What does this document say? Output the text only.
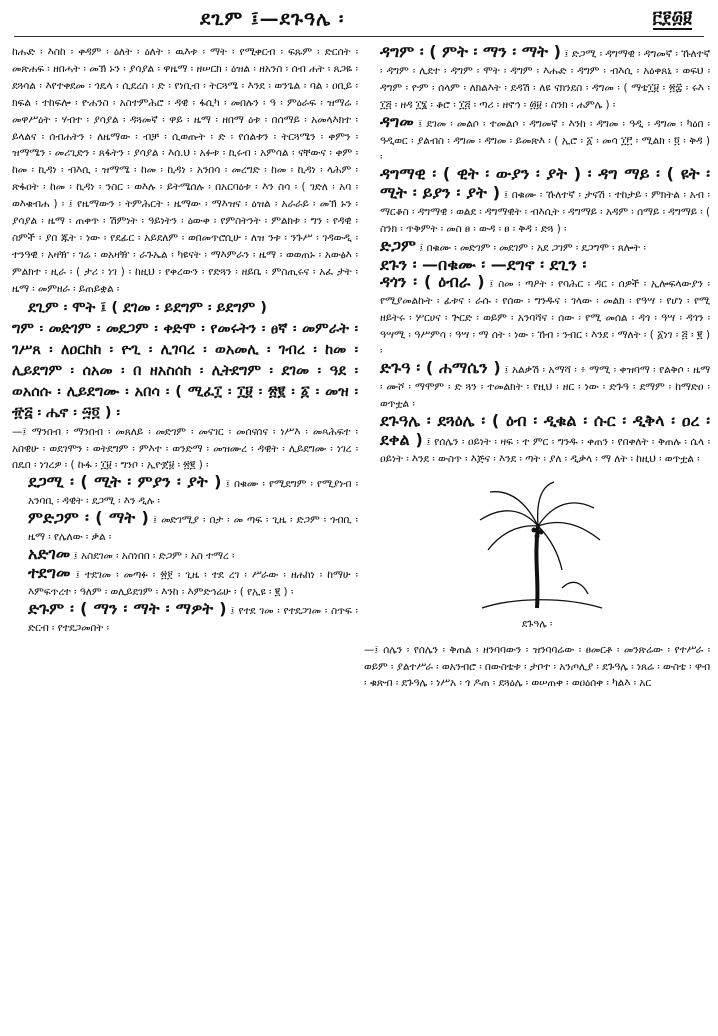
ደጊም ፤—ደጉዓሌ ፡	፫፻፴፱

ከሑድ ፡ እስከ ፡ ቀዳም ፡ ዕለት ፡ ዕለት ፡ ዉእቱ ፡ ማት ፡ የሚቀርብ ፡ ፍጹም ፡ ድርሰት ፡ መጽሐፍ ፡ ዘበሓት ፡ መኽ ኑን ፡ ያሳያል ፡ ዋዜማ ፡ ዘሠርክ ፡ ዕዝል ፡ ዘአንስ ፡ ሰብ ሐት ፡ ጸጋዬ ፡ ደጓሳል ፡ እየተቀደመ ፡ ጎዴላ ፡ ሲደረስ ፡ ድ ፡ የነቢብ ፡ ትርጓሜ ፡ እንደ ፡ ወንጌል ፡ ባል ፡ ዐቢይ ፡ ክፍል ፡ ተከፍሎ ፡ ዮሐንስ ፡ አስተምሕሮ ፡ ዳዊ ፡ ፋሲካ ፡ መበሉን ፡ ዓ ፡ ምዕራፍ ፡ ዝማሬ ፡ መዋሥዕት ፡ ሃብተ ፡ ያሳያል ፡ ዳጓመኛ ፡ ዋይ ፡ ዜማ ፡ ዘበማ ዕቱ ፡ በሰማይ ፡ አመላእክተ ፡ ይላልና ፡ ሰብሐትን ፡ ለዜማው ፡ ብቻ ፡ ሲወጡት ፡ ድ ፡ የሰልቱን ፡ ትርጓሜን ፡ ቀምን ፡ ዝማሜን ፡ መሪጊድን ፡ ጸፋትን ፡ ያሳያል ፡ እሰ.ህ ፡ አፉቱ ፡ ኪሩብ ፡ አምሳል ፡ ናቸውና ፡ ቀም ፡ ከመ ፡ ኪዳነ ፡ ብእሲ ፡ ዝማሜ ፡ ከመ ፡ ኪዳነ ፡ አንበሳ ፡ መረግድ ፡ ከመ ፡ ኪዳነ ፡ ላሕም ፡ ጽፋዐት ፡ ከመ ፡ ኪዳነ ፡ ንስር ፡ ወእሉ ፡ ይትሜሰሉ ፡ በአርባዕቱ ፡ እን ስሳ ፡ ( ገድለ ፡ አባ ፡ ወእቁብሐ ) ፡ ፤ የዜማውን ፡ ትምሕርት ፡ ዜማው ፡ ማእዝና ፡ ዕዝል ፡ አራራይ ፡ መኽ ኑን ፡ ያሳያል ፡ ዜማ ፡ ጠቀጥ ፡ ሽምነት ፡ ዓይነትን ፡ ዕውቀ ፡ የምስትንት ፡ ምልክቱ ፡ ግን ፡ የዳዊ ፡ ስምች ፡ ያበ ጁት ፡ ነው ፡ የደፊር ፡ አይደለም ፡ ወበመጥሮሲሁ ፡ ለዝ ንቱ ፡ ንጉሥ ፡ ገዳውዲ ፡ ተንዓዊ ፡ አዛዥ ፡ ገሬ ፡ ወአዛዥ ፡ ራጉኤል ፡ ካዩናት ፡ ማእምራን ፡ ዜማ ፡ ወወጠኑ ፡ አውፅእ ፡ ምልክተ ፡ ዚራ ፡ ( ታሪ ፡ ነገ ) ፡ ከዚህ ፡ የቀረውን ፡ የድጓን ፡ ዘይቤ ፡ ምስጢሩና ፡ አፈ ታት ፡ ዜማ ፡ መምዘራ ፡ ይጠይቋል ፡

ደጊም ፡ ሞት ፤ ( ደገመ ፡ ይደግም ፡ ይደግም )

ግም ፡ መድገም ፡ መደጋም ፡ ቀድሞ ፡ የመሩትን ፡ ፀኛ ፡ መምራት ፡ ገሥጸ ፡ ለዐርከከ ፡ ዮጊ ፡ ሊገባረ ፡ ወአመሊ ፡ ገብረ ፡ ከመ ፡ ሊይደግም ፡ ሰአመ ፡ በ ዘአስሰከ ፡ ሊትደግም ፡ ደገመ ፡ ዓደ ፡ ወአሰሱ ፡ ሊይደግሙ ፡ አበሳ ፡ ( ሚፈ፲ ፡ ፲፱ ፡ ፳፪ ፡ ፩ ፡ መዝ ፡ ፹፭ ፡ ሔኖ ፡ ፵፬ ) ፡

—፤ ማንበብ ፡ ማንበብ ፡ መጸለይ ፡ መድገም ፡ መናገር ፡ መሰናሰና ፡ ነሥእ ፡ መጻሕፍተ ፡ አበዊሁ ፡ ወደገሞን ፡ ወትደግም ፡ ምእተ ፡ ወንድማ ፡ መዝሙረ ፡ ዳዊት ፡ ሊይደግሙ ፡ ነገረ ፡ በዴበ ፡ ነገረዎ ፡ ( ኩፋ ፡ ፲፱ ፡ ግንቦ ፡ ኢዮጀ፱ ፡ ፳፪ ) ፡

ደጋሚ ፡ ( ሚት ፡ ምያን ፡ ያት ) ፤ በቁሙ ፡ የሚደግም ፡ የሚያነብ ፡ አንባቢ ፡ ዳዊት ፡ ደጋሚ ፡ እን ዲሉ ፡

ምድጋም ፡ ( ማት ) ፤ መድገሚያ ፡ በታ ፡ መ ጣፍ ፡ ጊዜ ፡ ድጋም ፡ ጎብቢ ፡ ዜማ ፡ የሌለው ፡ ቃል ፡

አድገመ ፤ አስደገመ ፡ አስነበበ ፡ ድጋም ፡ አስ ተማረ ፡

ተደግመ ፤ ተደገመ ፡ መጣፉ ፡ ፳፻ ፡ ጊዜ ፡ ተደ ረገ ፡ ሥራው ፡ ዘሐከነ ፡ ከማሁ ፡ እምፍጥረተ ፡ ዓለም ፡ ወሊይደገም ፡ እንከ ፡ እምድኅሬሁ ፡ ( የኢዩ ፡ ፪ ) ፡

ድጉም ፡ ( ማን ፡ ማት ፡ ማዎት ) ፤ የተደ ገመ ፡ የተደጋገመ ፡ ስጥፍ ፡ ድርብ ፡ የተደጋመበት ፡

ዳግም ፡ ( ምት ፡ ማን ፡ ማት ) ፤ ድጋሚ ፡ ዳግማዊ ፡ ዳግመኛ ፡ ኹለተኛ ፡ ዳግም ፡ ሊደተ ፡ ዳግም ፡ ሞት ፡ ዳግም ፡ እሑድ ፡ ዳግም ፡ ብእሲ ፡ አዕቀጸኒ ፡ ወፍህ ፡ ዳግም ፡ ዮም ፡ ሰላም ፡ ለክልእት ፡ ደዳሽ ፡ ለዩ ናክንደስ ፡ ዳግመ ፡ ( ማቴ፲፱ ፡ ፳፰ ፡ ሩእ ፡ ፲፭ ፡ ዘዳ ፲፮ ፡ ቆሮ ፡ ፲፭ ፡ ጣሪ ፡ ዘኖኅ ፡ ፴፱ ፡ ስንክ ፡ ሐምሌ ) ፡

ዳግመ ፤ ደገመ ፡ መልሶ ፡ ተመልሶ ፡ ዳግመኛ ፡ እንከ ፡ ዳግመ ፡ ዓዲ ፡ ዳግመ ፡ ካዕበ ፡ ዓዲወር ፡ ያልብስ ፡ ዳግመ ፡ ዳግመ ፡ ይመጽእ ፡ ( ኢሮ ፡ ፩ ፡ መሳ ፲፫ ፡ ሚልክ ፡ ፬ ፡ ቅዳ ) ፡

ዳግማዊ ፡ ( ዊት ፡ ውያን ፡ ያት ) ፡ ዳግ ማይ ፡ ( ዩት ፡ ሚት ፡ ይያን ፡ ያት ) ፤ በቁሙ ፡ ኹለተኛ ፡ ታናሽ ፡ ተከታይ ፡ ምክትል ፡ አብ ፡ ማርቆስ ፡ ዳግማዊ ፡ ወልደ ፡ ዳግማዊት ፡ ብእሲት ፡ ዳግማይ ፡ አዳም ፡ ሰማይ ፡ ዳግማይ ፡ ( ስንክ ፡ ጥቅምት ፡ መስ ፀ ፡ ውዳ ፡ ፀ ፡ ቅዳ ፡ ድጓ ) ፡

ድጋም ፤ በቁሙ ፡ መድገም ፡ መደገም ፡ አደ ጋገም ፡ ደጋግሞ ፡ ጸሎት ፡

ደጉን ፡ —በቁሙ ፡ —ደግኖ ፡ ደጊን ፡

ዳጎን ፡ ( ዕብራ ) ፤ ስመ ፡ ጣዖት ፡ የባሕር ፡ ዳር ፡ ሰዎች ፡ ኢሎፍላውያን ፡ የሚያመልኩት ፡ ፊቱና ፡ ራሱ ፡ የሰው ፡ ግንዱና ፡ ገላው ፡ መልክ ፡ የዓሣ ፡ የሆነ ፡ የሚ ዘይትሩ ፡ ሦርሀና ፡ ጕርድ ፡ ወይም ፡ አንባሻና ፡ ሰው ፡ የሚ መሰል ፡ ዳጎ ፡ ዓሣ ፡ ዳጎን ፡ ዓሣሚ ፡ ዓሥምሳ ፡ ዓሣ ፡ ማ ሰት ፡ ነው ፡ ኸብ ፡ ንብር ፡ እንደ ፡ ማለት ፡ ( ፩ነገ ፡ ፭ ፡ ፪ ) ፡

ድጉዓ ፡ ( ሐማሴን ) ፤ አልቃሽ ፡ አማሻ ፡ ፥ ማሚ ፡ ቀዝባማ ፡ የልቅሶ ፡ ዜማ ፡ ሙሾ ፡ ማሞም ፡ ድ ጓን ፡ ተመልክት ፡ የዚህ ፡ ዘር ፡ ነው ፡ ድጉዓ ፡ ደማም ፡ ከማድዐ ፡ ወጥቷል ፡

ደጉዓሌ ፡ ደጓዕሌ ፡ ( ዕብ ፡ ዲቁል ፡ ሱር ፡ ዲቅላ ፡ ዐረ ፡ ደቀል ) ፤ የሰሌን ፡ ዐይነት ፡ ዛፍ ፡ ተ ምር ፡ ግንዱ ፡ ቀጠን ፡ የበቀለት ፡ ቅጠሉ ፡ ሴላ ፡ ዐይነት ፡ እንደ ፡ ውስጥ ፡ እጅና ፡ እንደ ፡ ጣት ፡ ያለ ፡ ዲቃላ ፡ ማ ለት ፡ ከዚህ ፡ ወጥቷል ፡

ደጉዓሌ ፡

—፤ ሰሌን ፡ የሰሌን ፡ ቅጠል ፡ ዘንባባውን ፡ ዝንባባሬው ፡ ፀመርቶ ፡ መንጽሬው ፡ የተሥራ ፡ ወይም ፡ ያልተሥራ ፡ ወአንብሮ ፡ በውስቴቱ ፡ ታቦተ ፡ አንጦሊያ ፡ ደጉዓሌ ፡ ነጸሬ ፡ ውስቴ ፡ ዋብ ፡ ቁጽብ ፡ ደጉዓሌ ፡ ነሥአ ፡ ጎ ዶጠ ፡ ደጓዕሌ ፡ ወሠጠቀ ፡ ወዐዕሰቀ ፡ ካልእ ፡ አር
